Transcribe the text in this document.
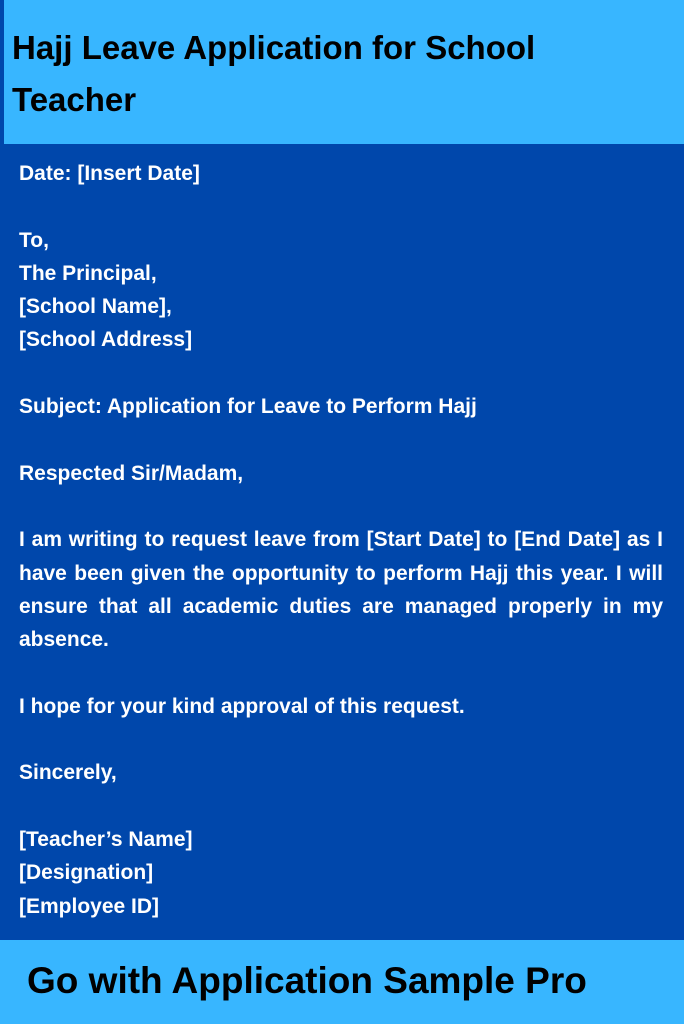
Hajj Leave Application for School Teacher
Date: [Insert Date]
To,
The Principal,
[School Name],
[School Address]
Subject: Application for Leave to Perform Hajj
Respected Sir/Madam,
I am writing to request leave from [Start Date] to [End Date] as I have been given the opportunity to perform Hajj this year. I will ensure that all academic duties are managed properly in my absence.
I hope for your kind approval of this request.
Sincerely,
[Teacher’s Name]
[Designation]
[Employee ID]
Go with Application Sample Pro
